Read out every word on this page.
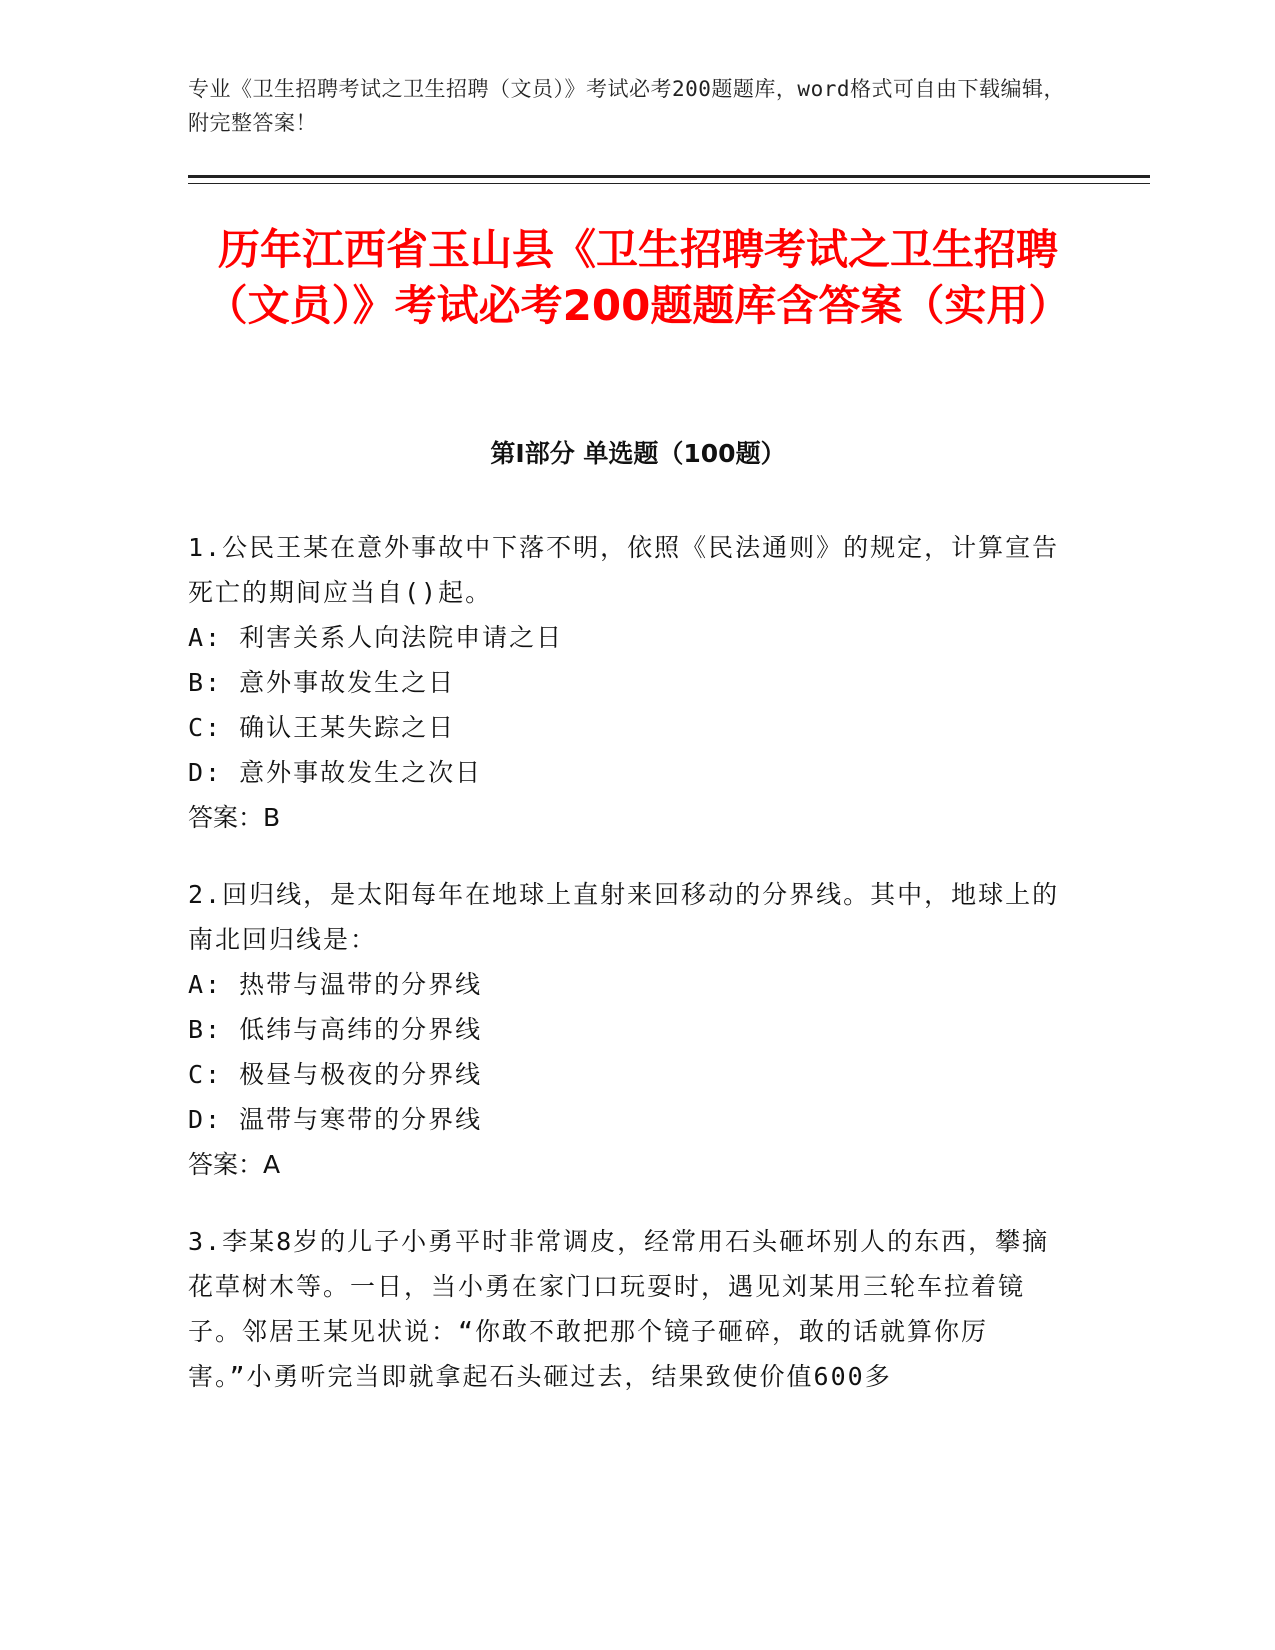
专业《卫生招聘考试之卫生招聘（文员）》考试必考200题题库，word格式可自由下载编辑，附完整答案！
历年江西省玉山县《卫生招聘考试之卫生招聘（文员）》考试必考200题题库含答案（实用）
第I部分 单选题（100题）

1.公民王某在意外事故中下落不明，依照《民法通则》的规定，计算宣告死亡的期间应当自()起。

A: 利害关系人向法院申请之日

B: 意外事故发生之日

C: 确认王某失踪之日

D: 意外事故发生之次日

答案：B

2.回归线，是太阳每年在地球上直射来回移动的分界线。其中，地球上的南北回归线是：

A: 热带与温带的分界线

B: 低纬与高纬的分界线

C: 极昼与极夜的分界线

D: 温带与寒带的分界线

答案：A

3.李某8岁的儿子小勇平时非常调皮，经常用石头砸坏别人的东西，攀摘花草树木等。一日，当小勇在家门口玩耍时，遇见刘某用三轮车拉着镜子。邻居王某见状说：“你敢不敢把那个镜子砸碎，敢的话就算你厉害。”小勇听完当即就拿起石头砸过去，结果致使价值600多
